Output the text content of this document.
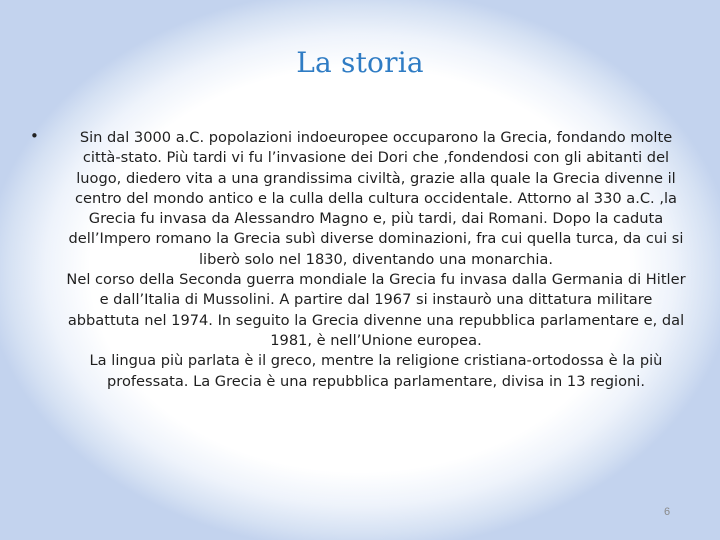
La storia
•	Sin dal 3000 a.C. popolazioni indoeuropee occuparono la Grecia, fondando molte città-stato. Più tardi vi fu l’invasione dei Dori che ,fondendosi con gli abitanti del luogo, diedero vita a una grandissima civiltà, grazie alla quale la Grecia divenne il centro del mondo antico e la culla della cultura occidentale. Attorno al 330 a.C. ,la Grecia fu invasa da Alessandro Magno e, più tardi, dai Romani. Dopo la caduta dell’Impero romano la Grecia subì diverse dominazioni, fra cui quella turca, da cui si liberò solo nel 1830, diventando una monarchia.
Nel corso della Seconda guerra mondiale la Grecia fu invasa dalla Germania di Hitler e dall’Italia di Mussolini. A partire dal 1967 si instaurò una dittatura militare abbattuta nel 1974. In seguito la Grecia divenne una repubblica parlamentare e, dal 1981, è nell’Unione europea.
La lingua più parlata è il greco, mentre la religione cristiana-ortodossa è la più professata. La Grecia è una repubblica parlamentare, divisa in 13 regioni.
6
